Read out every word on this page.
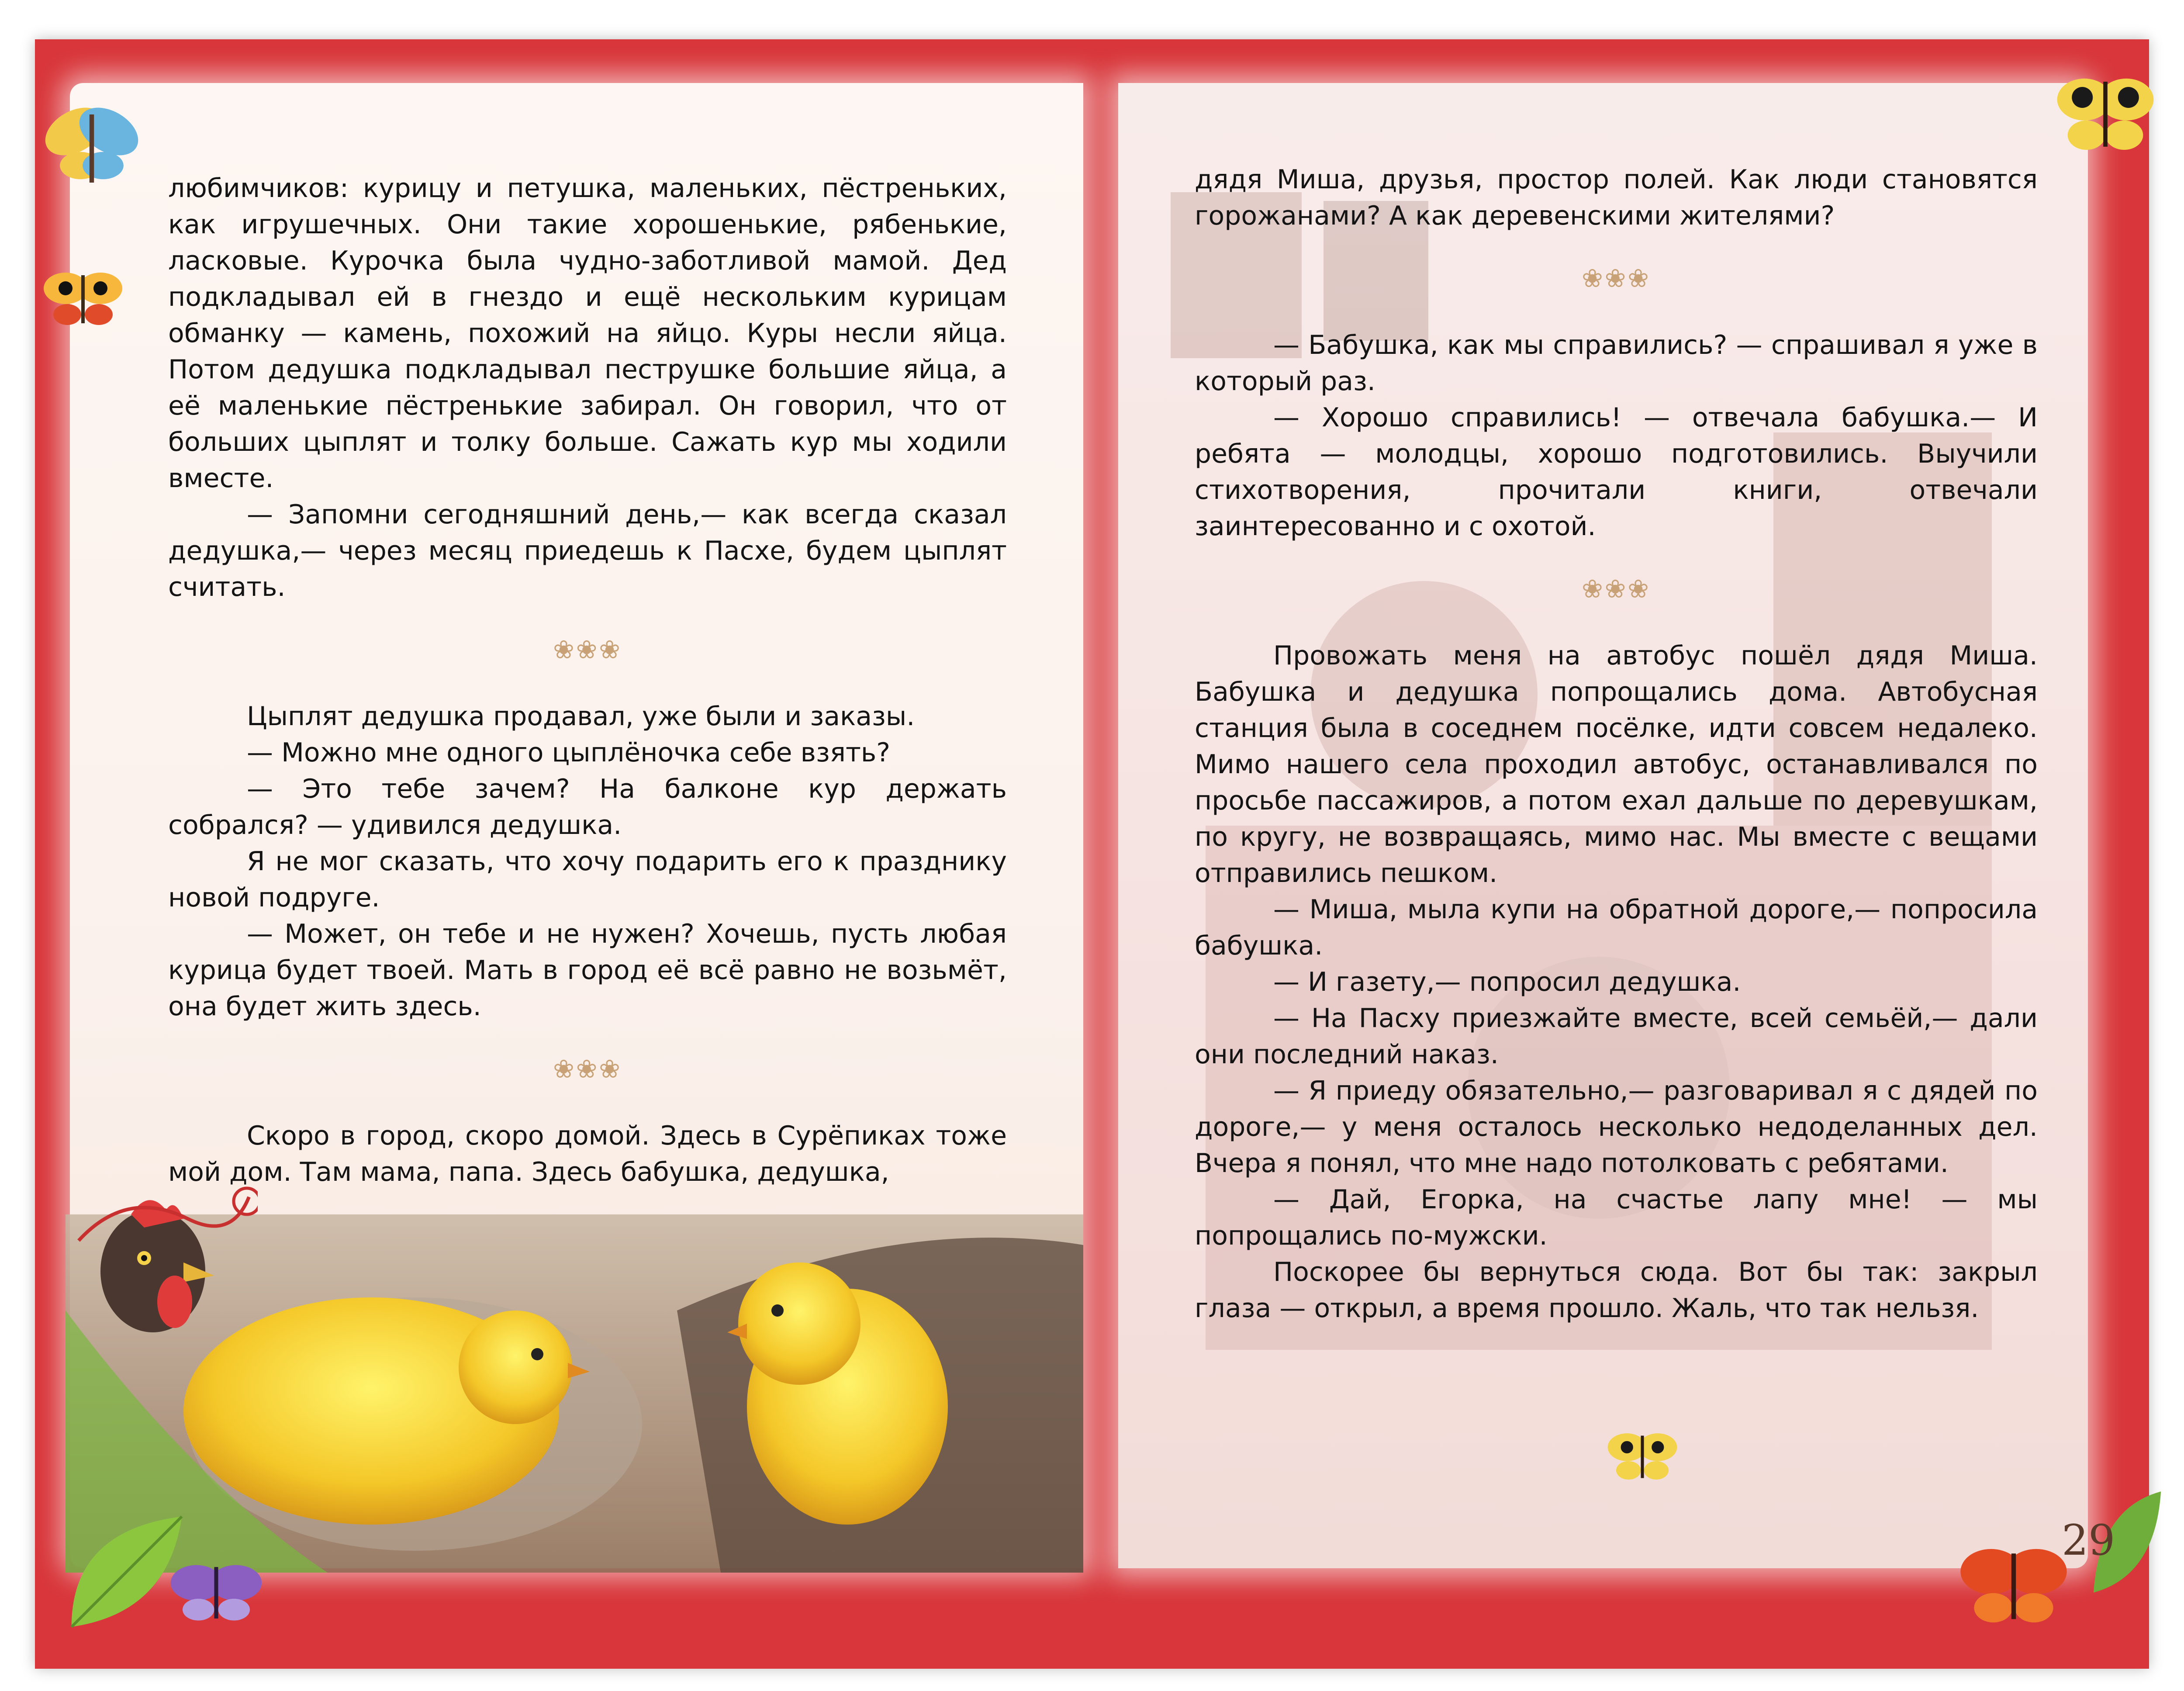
любимчиков: курицу и петушка, маленьких, пёстреньких, как игрушечных. Они такие хорошенькие, рябенькие, ласковые. Курочка была чудно-заботливой мамой. Дед подкладывал ей в гнездо и ещё нескольким курицам обманку — камень, похожий на яйцо. Куры несли яйца. Потом дедушка подкладывал пеструшке большие яйца, а её маленькие пёстренькие забирал. Он говорил, что от больших цыплят и толку больше. Сажать кур мы ходили вместе.

— Запомни сегодняшний день,— как всегда сказал дедушка,— через месяц приедешь к Пасхе, будем цыплят считать.

❀❀❀

Цыплят дедушка продавал, уже были и заказы.

— Можно мне одного цыплёночка себе взять?

— Это тебе зачем? На балконе кур держать собрался? — удивился дедушка.

Я не мог сказать, что хочу подарить его к празднику новой подруге.

— Может, он тебе и не нужен? Хочешь, пусть любая курица будет твоей. Мать в город её всё равно не возьмёт, она будет жить здесь.

❀❀❀

Скоро в город, скоро домой. Здесь в Сурёпиках тоже мой дом. Там мама, папа. Здесь бабушка, дедушка,

дядя Миша, друзья, простор полей. Как люди становятся горожанами? А как деревенскими жителями?

❀❀❀

— Бабушка, как мы справились? — спрашивал я уже в который раз.

— Хорошо справились! — отвечала бабушка.— И ребята — молодцы, хорошо подготовились. Выучили стихотворения, прочитали книги, отвечали заинтересованно и с охотой.

❀❀❀

Провожать меня на автобус пошёл дядя Миша. Бабушка и дедушка попрощались дома. Автобусная станция была в соседнем посёлке, идти совсем недалеко. Мимо нашего села проходил автобус, останавливался по просьбе пассажиров, а потом ехал дальше по деревушкам, по кругу, не возвращаясь, мимо нас. Мы вместе с вещами отправились пешком.

— Миша, мыла купи на обратной дороге,— попросила бабушка.

— И газету,— попросил дедушка.

— На Пасху приезжайте вместе, всей семьёй,— дали они последний наказ.

— Я приеду обязательно,— разговаривал я с дядей по дороге,— у меня осталось несколько недоделанных дел. Вчера я понял, что мне надо потолковать с ребятами.

— Дай, Егорка, на счастье лапу мне! — мы попрощались по-мужски.

Поскорее бы вернуться сюда. Вот бы так: закрыл глаза — открыл, а время прошло. Жаль, что так нельзя.

29
